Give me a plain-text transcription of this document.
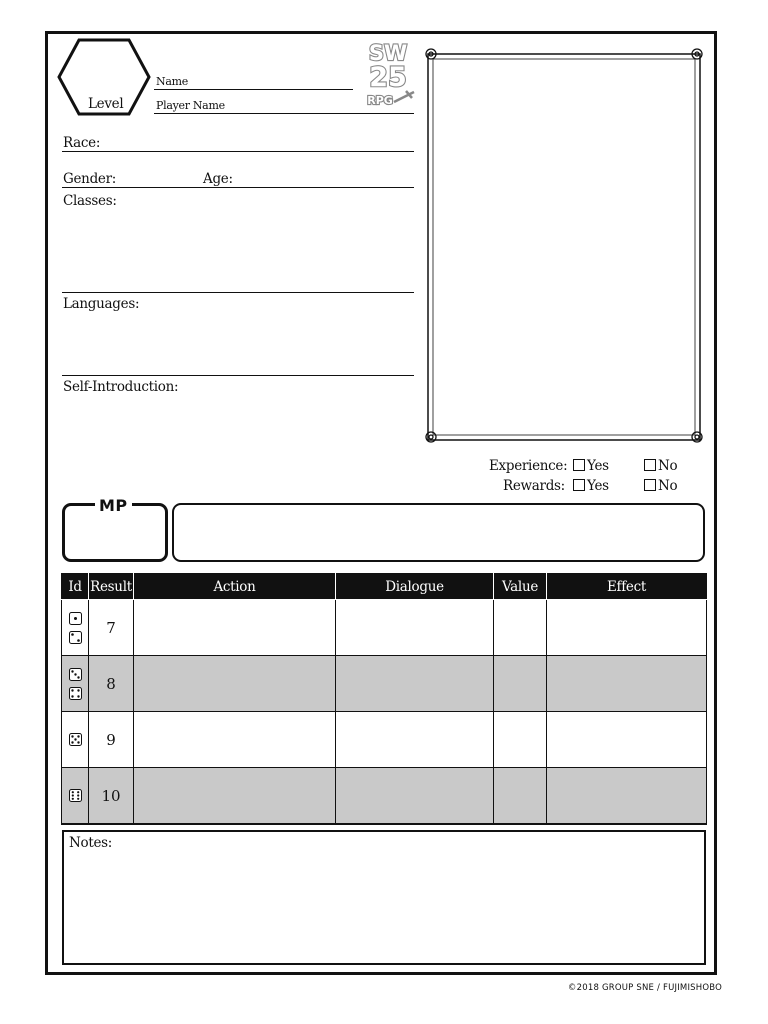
Level
Name
Player Name
SW
25
RPG
Race:
Gender:	Age:
Classes:
Languages:
Self-Introduction:
Experience:	Yes	No
Rewards:	Yes	No
MP
Id	Result	Action	Dialogue	Value	Effect

	7				

	8				

	9				

	10				
Notes:
©2018 GROUP SNE / FUJIMISHOBO
